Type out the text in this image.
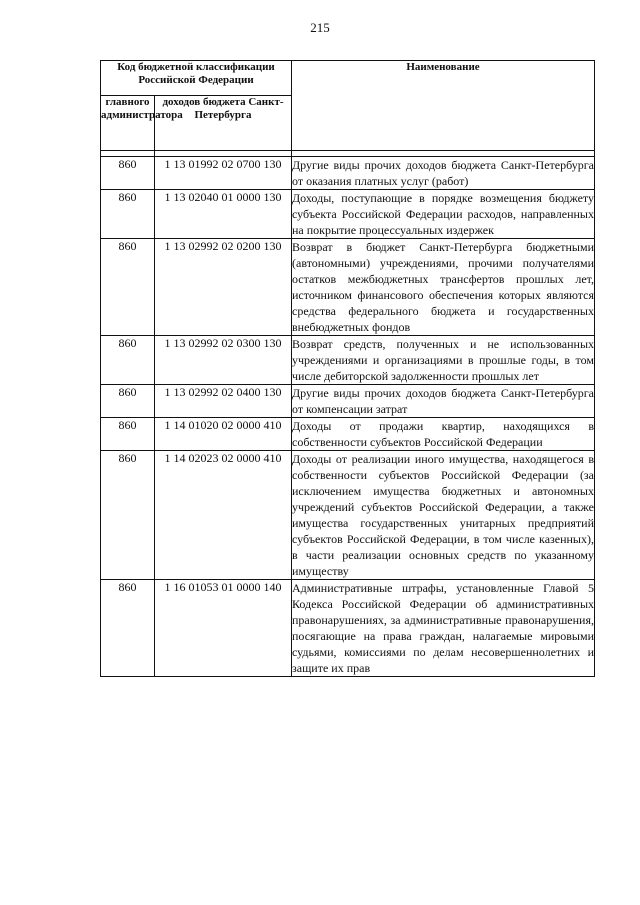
215
Код бюджетной классификации Российской Федерации		Наименование
главного администратора	доходов бюджета Санкт-Петербурга	

860	1 13 01992 02 0700 130	Другие виды прочих доходов бюджета Санкт-Петербурга от оказания платных услуг (работ)
860	1 13 02040 01 0000 130	Доходы, поступающие в порядке возмещения бюджету субъекта Российской Федерации расходов, направленных на покрытие процессуальных издержек
860	1 13 02992 02 0200 130	Возврат в бюджет Санкт-Петербурга бюджетными (автономными) учреждениями, прочими получателями остатков межбюджетных трансфертов прошлых лет, источником финансового обеспечения которых являются средства федерального бюджета и государственных внебюджетных фондов
860	1 13 02992 02 0300 130	Возврат средств, полученных и не использованных учреждениями и организациями в прошлые годы, в том числе дебиторской задолженности прошлых лет
860	1 13 02992 02 0400 130	Другие виды прочих доходов бюджета Санкт-Петербурга от компенсации затрат
860	1 14 01020 02 0000 410	Доходы от продажи квартир, находящихся в собственности субъектов Российской Федерации
860	1 14 02023 02 0000 410	Доходы от реализации иного имущества, находящегося в собственности субъектов Российской Федерации (за исключением имущества бюджетных и автономных учреждений субъектов Российской Федерации, а также имущества государственных унитарных предприятий субъектов Российской Федерации, в том числе казенных), в части реализации основных средств по указанному имуществу
860	1 16 01053 01 0000 140	Административные штрафы, установленные Главой 5 Кодекса Российской Федерации об административных правонарушениях, за административные правонарушения, посягающие на права граждан, налагаемые мировыми судьями, комиссиями по делам несовершеннолетних и защите их прав
